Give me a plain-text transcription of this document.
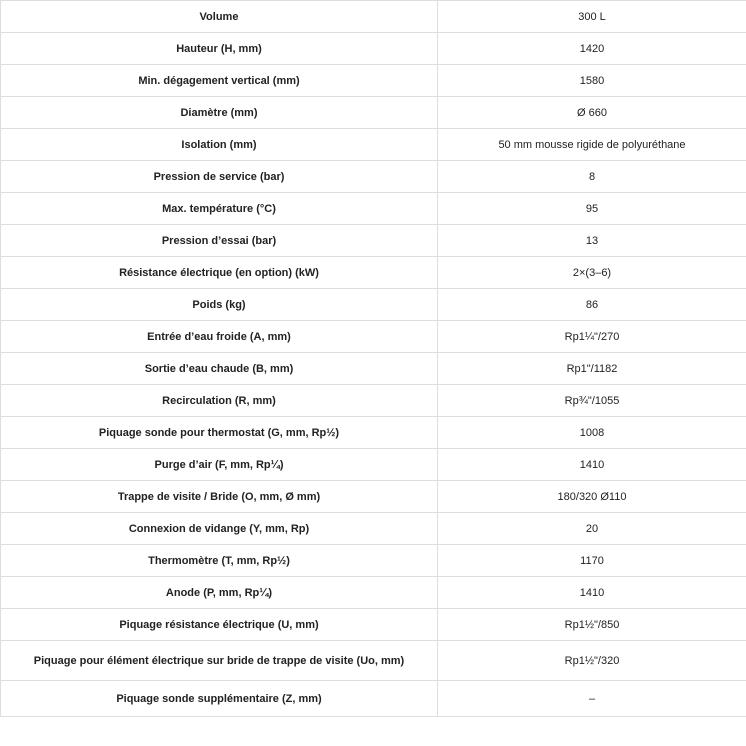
Volume	300 L
Hauteur (H, mm)	1420
Min. dégagement vertical (mm)	1580
Diamètre (mm)	Ø 660
Isolation (mm)	50 mm mousse rigide de polyuréthane
Pression de service (bar)	8
Max. température (°C)	95
Pression d’essai (bar)	13
Résistance électrique (en option) (kW)	2×(3–6)
Poids (kg)	86
Entrée d’eau froide (A, mm)	Rp1¼"/270
Sortie d’eau chaude (B, mm)	Rp1"/1182
Recirculation (R, mm)	Rp¾"/1055
Piquage sonde pour thermostat (G, mm, Rp½)	1008
Purge d’air (F, mm, Rp¼)	1410
Trappe de visite / Bride (O, mm, Ø mm)	180/320 Ø110
Connexion de vidange (Y, mm, Rp)	20
Thermomètre (T, mm, Rp½)	1170
Anode (P, mm, Rp¼)	1410
Piquage résistance électrique (U, mm)	Rp1½"/850
Piquage pour élément électrique sur bride de trappe de visite (Uo, mm)	Rp1½"/320
Piquage sonde supplémentaire (Z, mm)	–
